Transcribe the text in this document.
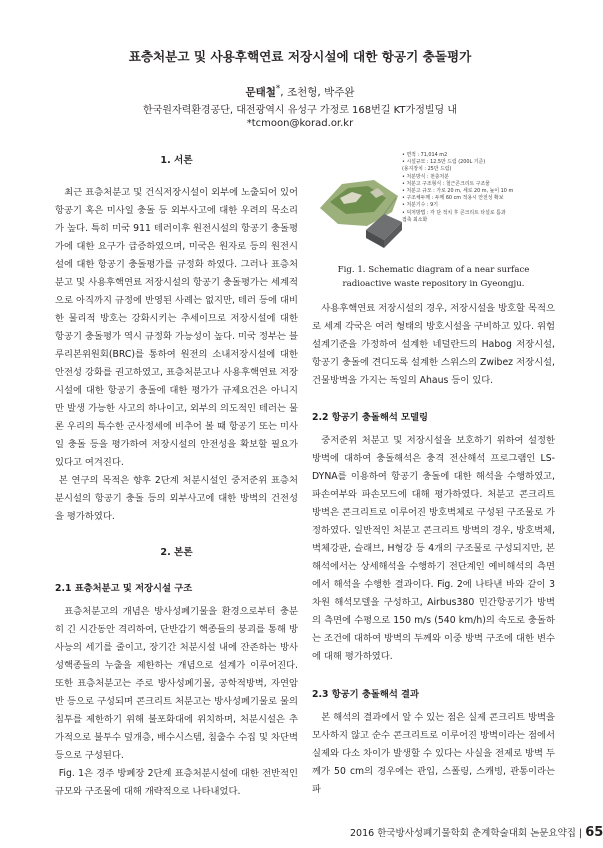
표층처분고 및 사용후핵연료 저장시설에 대한 항공기 충돌평가
문태철*, 조천형, 박주완
한국원자력환경공단, 대전광역시 유성구 가정로 168번길 KT가정빌딩 내
*tcmoon@korad.or.kr
1. 서론

최근 표층처분고 및 건식저장시설이 외부에 노출되어 있어 항공기 혹은 미사일 충돌 등 외부사고에 대한 우려의 목소리가 높다. 특히 미국 911 테러이후 원전시설의 항공기 충돌평가에 대한 요구가 급증하였으며, 미국은 원자로 등의 원전시설에 대한 항공기 충돌평가를 규정화 하였다. 그러나 표층처분고 및 사용후핵연료 저장시설의 항공기 충돌평가는 세계적으로 아직까지 규정에 반영된 사례는 없지만, 테러 등에 대비한 물리적 방호는 강화시키는 추세이므로 저장시설에 대한 항공기 충돌평가 역시 규정화 가능성이 높다. 미국 정부는 블루리본위원회(BRC)를 통하여 원전의 소내저장시설에 대한 안전성 강화를 권고하였고, 표층처분고나 사용후핵연료 저장시설에 대한 항공기 충돌에 대한 평가가 규제요건은 아니지만 발생 가능한 사고의 하나이고, 외부의 의도적인 테러는 물론 우리의 특수한 군사정세에 비추어 볼 때 항공기 또는 미사일 충돌 등을 평가하여 저장시설의 안전성을 확보할 필요가 있다고 여겨진다.

본 연구의 목적은 향후 2단계 처분시설인 중저준위 표층처분시설의 항공기 충돌 등의 외부사고에 대한 방벽의 건전성을 평가하였다.

2. 본론
2.1 표층처분고 및 저장시설 구조

표층처분고의 개념은 방사성폐기물을 환경으로부터 충분히 긴 시간동안 격리하여, 단반감기 핵종들의 붕괴를 통해 방사능의 세기를 줄이고, 장기간 처분시설 내에 잔존하는 방사성핵종들의 누출을 제한하는 개념으로 설계가 이루어진다. 또한 표층처분고는 주로 방사성폐기물, 공학적방벽, 자연암반 등으로 구성되며 콘크리트 처분고는 방사성폐기물로 물의 침투를 제한하기 위해 불포화대에 위치하며, 처분시설은 추가적으로 불투수 덮개층, 배수시스템, 침출수 수집 및 차단벽 등으로 구성된다.

Fig. 1은 경주 방폐장 2단계 표층처분시설에 대한 전반적인 규모와 구조물에 대해 개략적으로 나타내었다.

• 면적 : 71,014 m2
• 시설규모 : 12.5만 드럼 (200L 기준)
(용지장치 : 25만 드럼)
• 처분방식 : 천층처분
• 처분고 구조형식 : 철근콘크리트 구조물
• 처분고 규모 : 가로 20 m, 세로 20 m, 높이 10 m
• 구조체두께 : 두께 60 cm 적용시 안전성 확보
• 처분기수 : 9기
• 덕처방법 : 각 단 적치 후 콘크리트 타설로 틈과
접축 최소화
Fig. 1. Schematic diagram of a near surface radioactive waste repository in Gyeongju.

사용후핵연료 저장시설의 경우, 저장시설을 방호할 목적으로 세계 각국은 여러 형태의 방호시설을 구비하고 있다. 위험설계기준을 가정하여 설계한 네덜란드의 Habog 저장시설, 항공기 충돌에 견디도록 설계한 스위스의 Zwibez 저장시설, 건물방벽을 가지는 독일의 Ahaus 등이 있다.

2.2 항공기 충돌해석 모델링

중저준위 처분고 및 저장시설을 보호하기 위하여 설정한 방벽에 대하여 충돌해석은 충격 전산해석 프로그램인 LS-DYNA를 이용하여 항공기 충돌에 대한 해석을 수행하였고, 파손여부와 파손모드에 대해 평가하였다. 처분고 콘크리트 방벽은 콘크리트로 이루어진 방호벽체로 구성된 구조물로 가정하였다. 일반적인 처분고 콘크리트 방벽의 경우, 방호벽체, 벽체강판, 슬래브, H형강 등 4개의 구조물로 구성되지만, 본 해석에서는 상세해석을 수행하기 전단계인 예비해석의 측면에서 해석을 수행한 결과이다. Fig. 2에 나타낸 바와 같이 3차원 해석모델을 구성하고, Airbus380 민간항공기가 방벽의 측면에 수평으로 150 m/s (540 km/h)의 속도로 충돌하는 조건에 대하여 방벽의 두께와 이중 방벽 구조에 대한 변수에 대해 평가하였다.

2.3 항공기 충돌해석 결과

본 해석의 결과에서 알 수 있는 점은 실제 콘크리트 방벽을 모사하지 않고 순수 콘크리트로 이루어진 방벽이라는 점에서 실제와 다소 차이가 발생할 수 있다는 사실을 전제로 방벽 두께가 50 cm의 경우에는 관입, 스폴링, 스캐빙, 관통이라는 파

2016 한국방사성폐기물학회 춘계학술대회 논문요약집 | 65
